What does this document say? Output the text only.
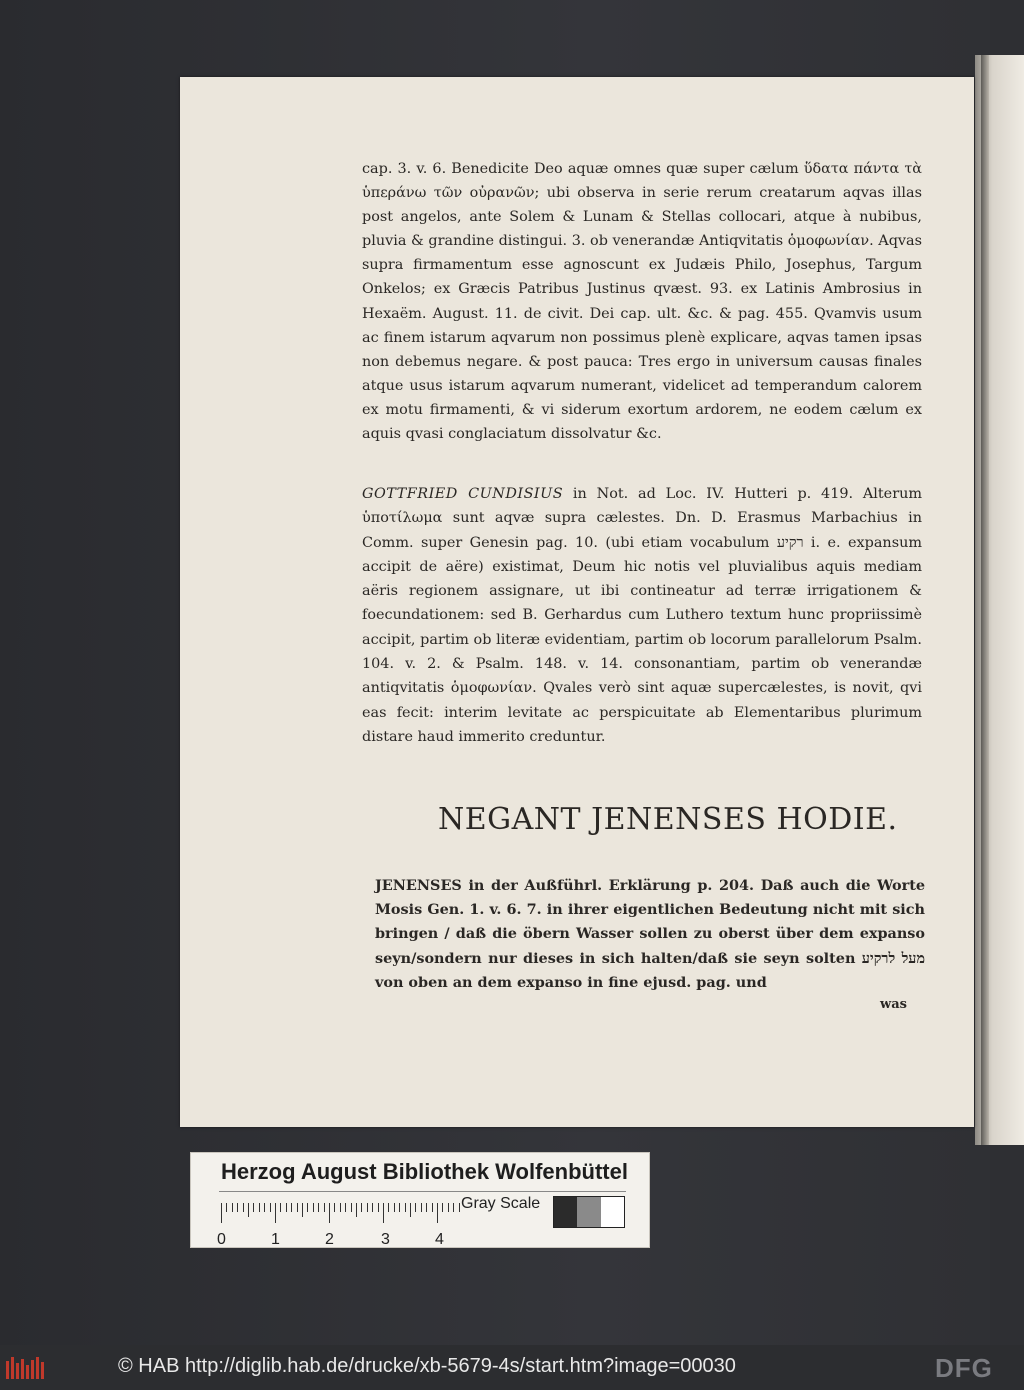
cap. 3. v. 6. Benedicite Deo aquæ omnes quæ super cælum ὕδατα πάντα τὰ ὑπεράνω τῶν οὐρανῶν; ubi observa in serie rerum creatarum aqvas illas post angelos, ante Solem & Lunam & Stellas collocari, atque à nubibus, pluvia & grandine distingui. 3. ob venerandæ Antiqvitatis ὁμοφωνίαν. Aqvas supra firmamentum esse agnoscunt ex Judæis Philo, Josephus, Targum Onkelos; ex Græcis Patribus Justinus qvæst. 93. ex Latinis Ambrosius in Hexaëm. August. 11. de civit. Dei cap. ult. &c. & pag. 455. Qvamvis usum ac finem istarum aqvarum non possimus plenè explicare, aqvas tamen ipsas non debemus negare. & post pauca: Tres ergo in universum causas finales atque usus istarum aqvarum numerant, videlicet ad temperandum calorem ex motu firmamenti, & vi siderum exortum ardorem, ne eodem cælum ex aquis qvasi conglaciatum dissolvatur &c.
GOTTFRIED CUNDISIUS in Not. ad Loc. IV. Hutteri p. 419. Alterum ὑποτίλωμα sunt aqvæ supra cælestes. Dn. D. Erasmus Marbachius in Comm. super Genesin pag. 10. (ubi etiam vocabulum רקיע i. e. expansum accipit de aëre) existimat, Deum hic notis vel pluvialibus aquis mediam aëris regionem assignare, ut ibi contineatur ad terræ irrigationem & foecundationem: sed B. Gerhardus cum Luthero textum hunc propriissimè accipit, partim ob literæ evidentiam, partim ob locorum parallelorum Psalm. 104. v. 2. & Psalm. 148. v. 14. consonantiam, partim ob venerandæ antiqvitatis ὁμοφωνίαν. Qvales verò sint aquæ supercælestes, is novit, qvi eas fecit: interim levitate ac perspicuitate ab Elementaribus plurimum distare haud immerito creduntur.
NEGANT JENENSES HODIE.
JENENSES in der Außführl. Erklärung p. 204. Daß auch die Worte Mosis Gen. 1. v. 6. 7. in ihrer eigentlichen Bedeutung nicht mit sich bringen / daß die öbern Wasser sollen zu oberst über dem expanso seyn/sondern nur dieses in sich halten/daß sie seyn solten מעל לרקיע von oben an dem expanso in fine ejusd. pag. und
was
Herzog August Bibliothek Wolfenbüttel
0	1	2	3	4
Gray Scale
© HAB http://diglib.hab.de/drucke/xb-5679-4s/start.htm?image=00030	DFG
